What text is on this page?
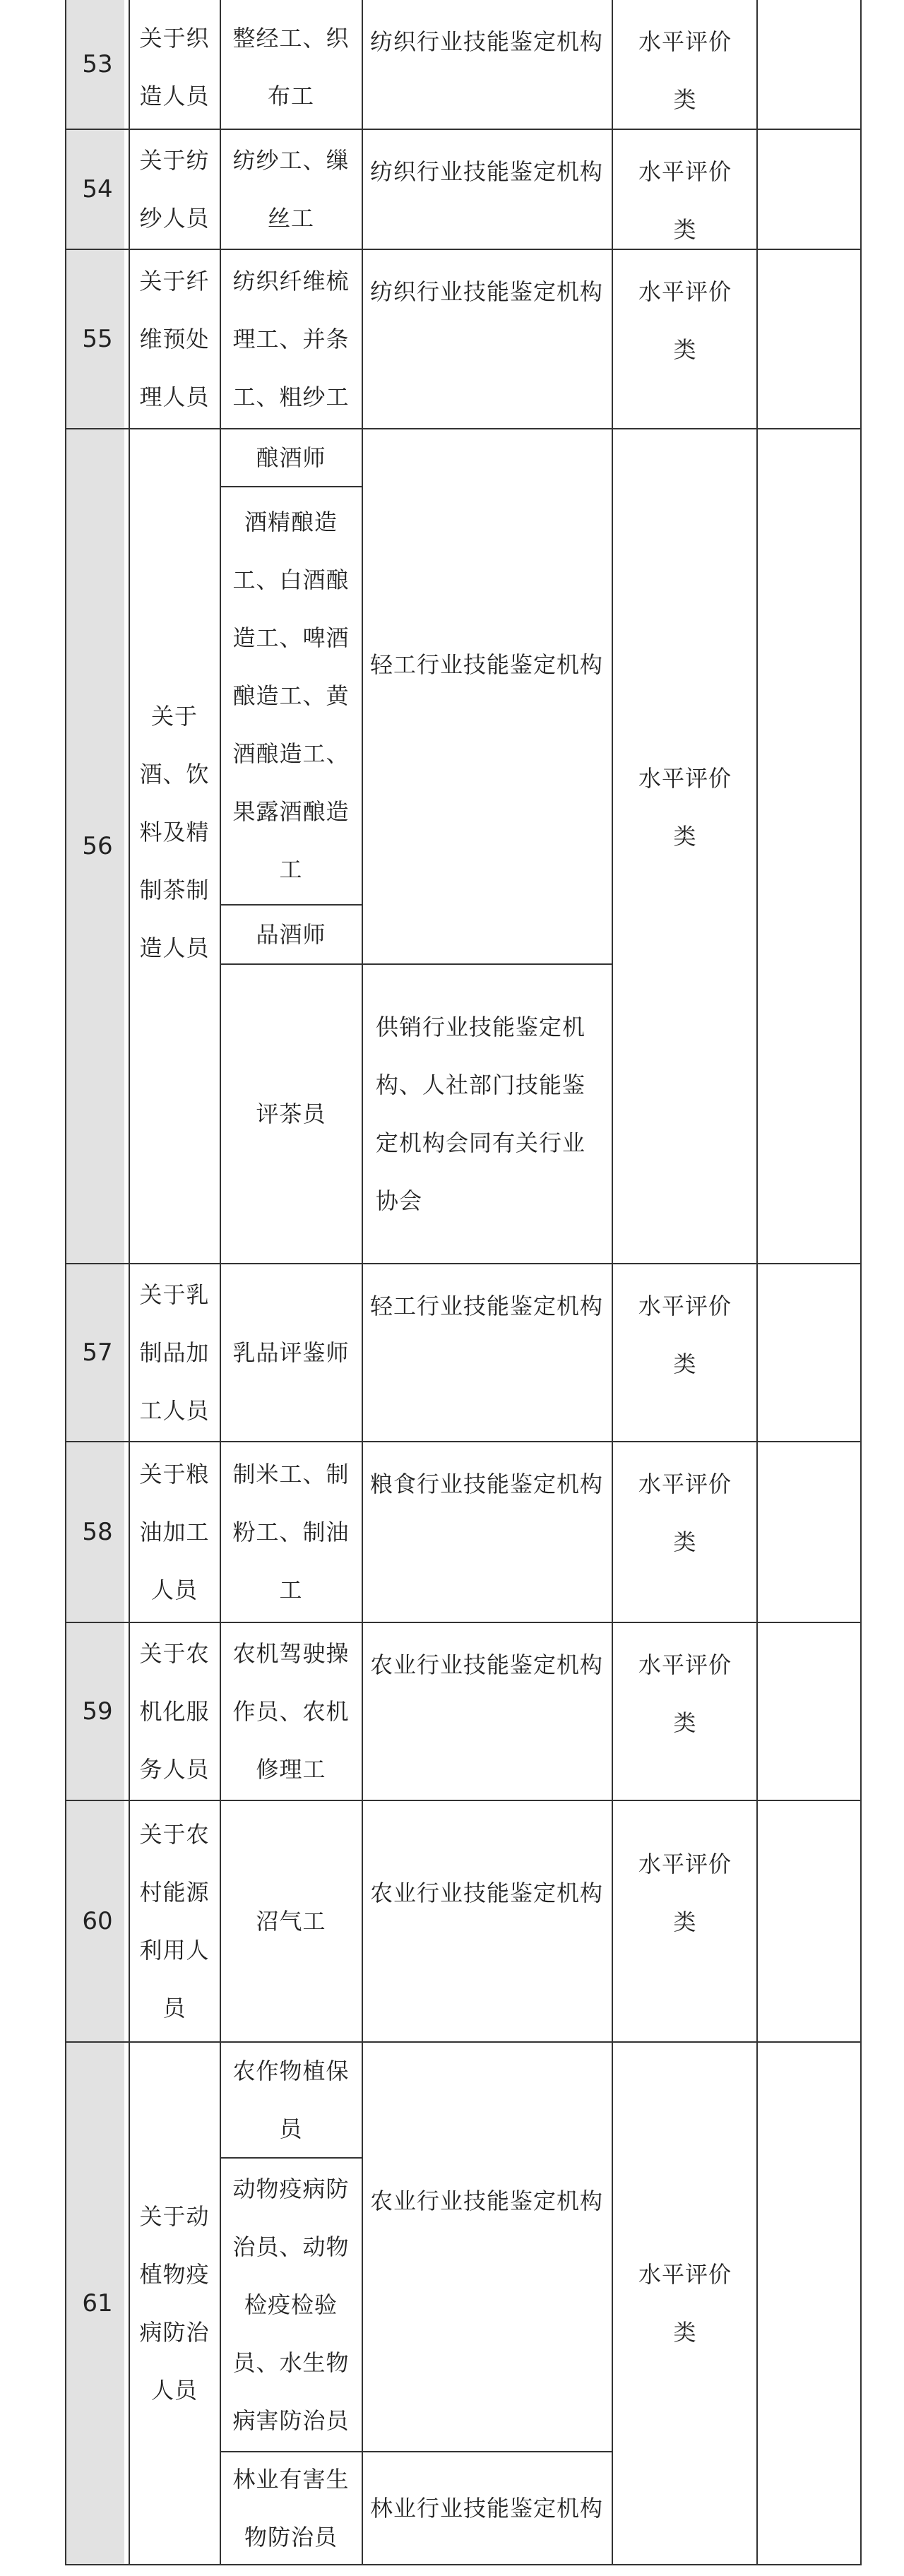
53
关于织造人员
整经工、织布工
纺织行业技能鉴定机构 水平评价类
54
关于纺纱人员
纺纱工、缫丝工
纺织行业技能鉴定机构 水平评价类
55
关于纤维预处理人员
纺织纤维梳理工、并条工、粗纱工
纺织行业技能鉴定机构 水平评价类
56
关于酒、饮料及精制茶制造人员
酿酒师
酒精酿造工、白酒酿造工、啤酒酿造工、黄酒酿造工、果露酒酿造工
品酒师
评茶员
轻工行业技能鉴定机构
供销行业技能鉴定机构、人社部门技能鉴定机构会同有关行业协会
水平评价类
57
关于乳制品加工人员
乳品评鉴师
轻工行业技能鉴定机构 水平评价类
58
关于粮油加工人员
制米工、制粉工、制油工
粮食行业技能鉴定机构 水平评价类
59
关于农机化服务人员
农机驾驶操作员、农机修理工
农业行业技能鉴定机构 水平评价类
60
关于农村能源利用人员
沼气工
农业行业技能鉴定机构
水平评价类
61
关于动植物疫病防治人员
农作物植保员
动物疫病防治员、动物检疫检验员、水生物病害防治员
林业有害生物防治员
农业行业技能鉴定机构
林业行业技能鉴定机构
水平评价类
